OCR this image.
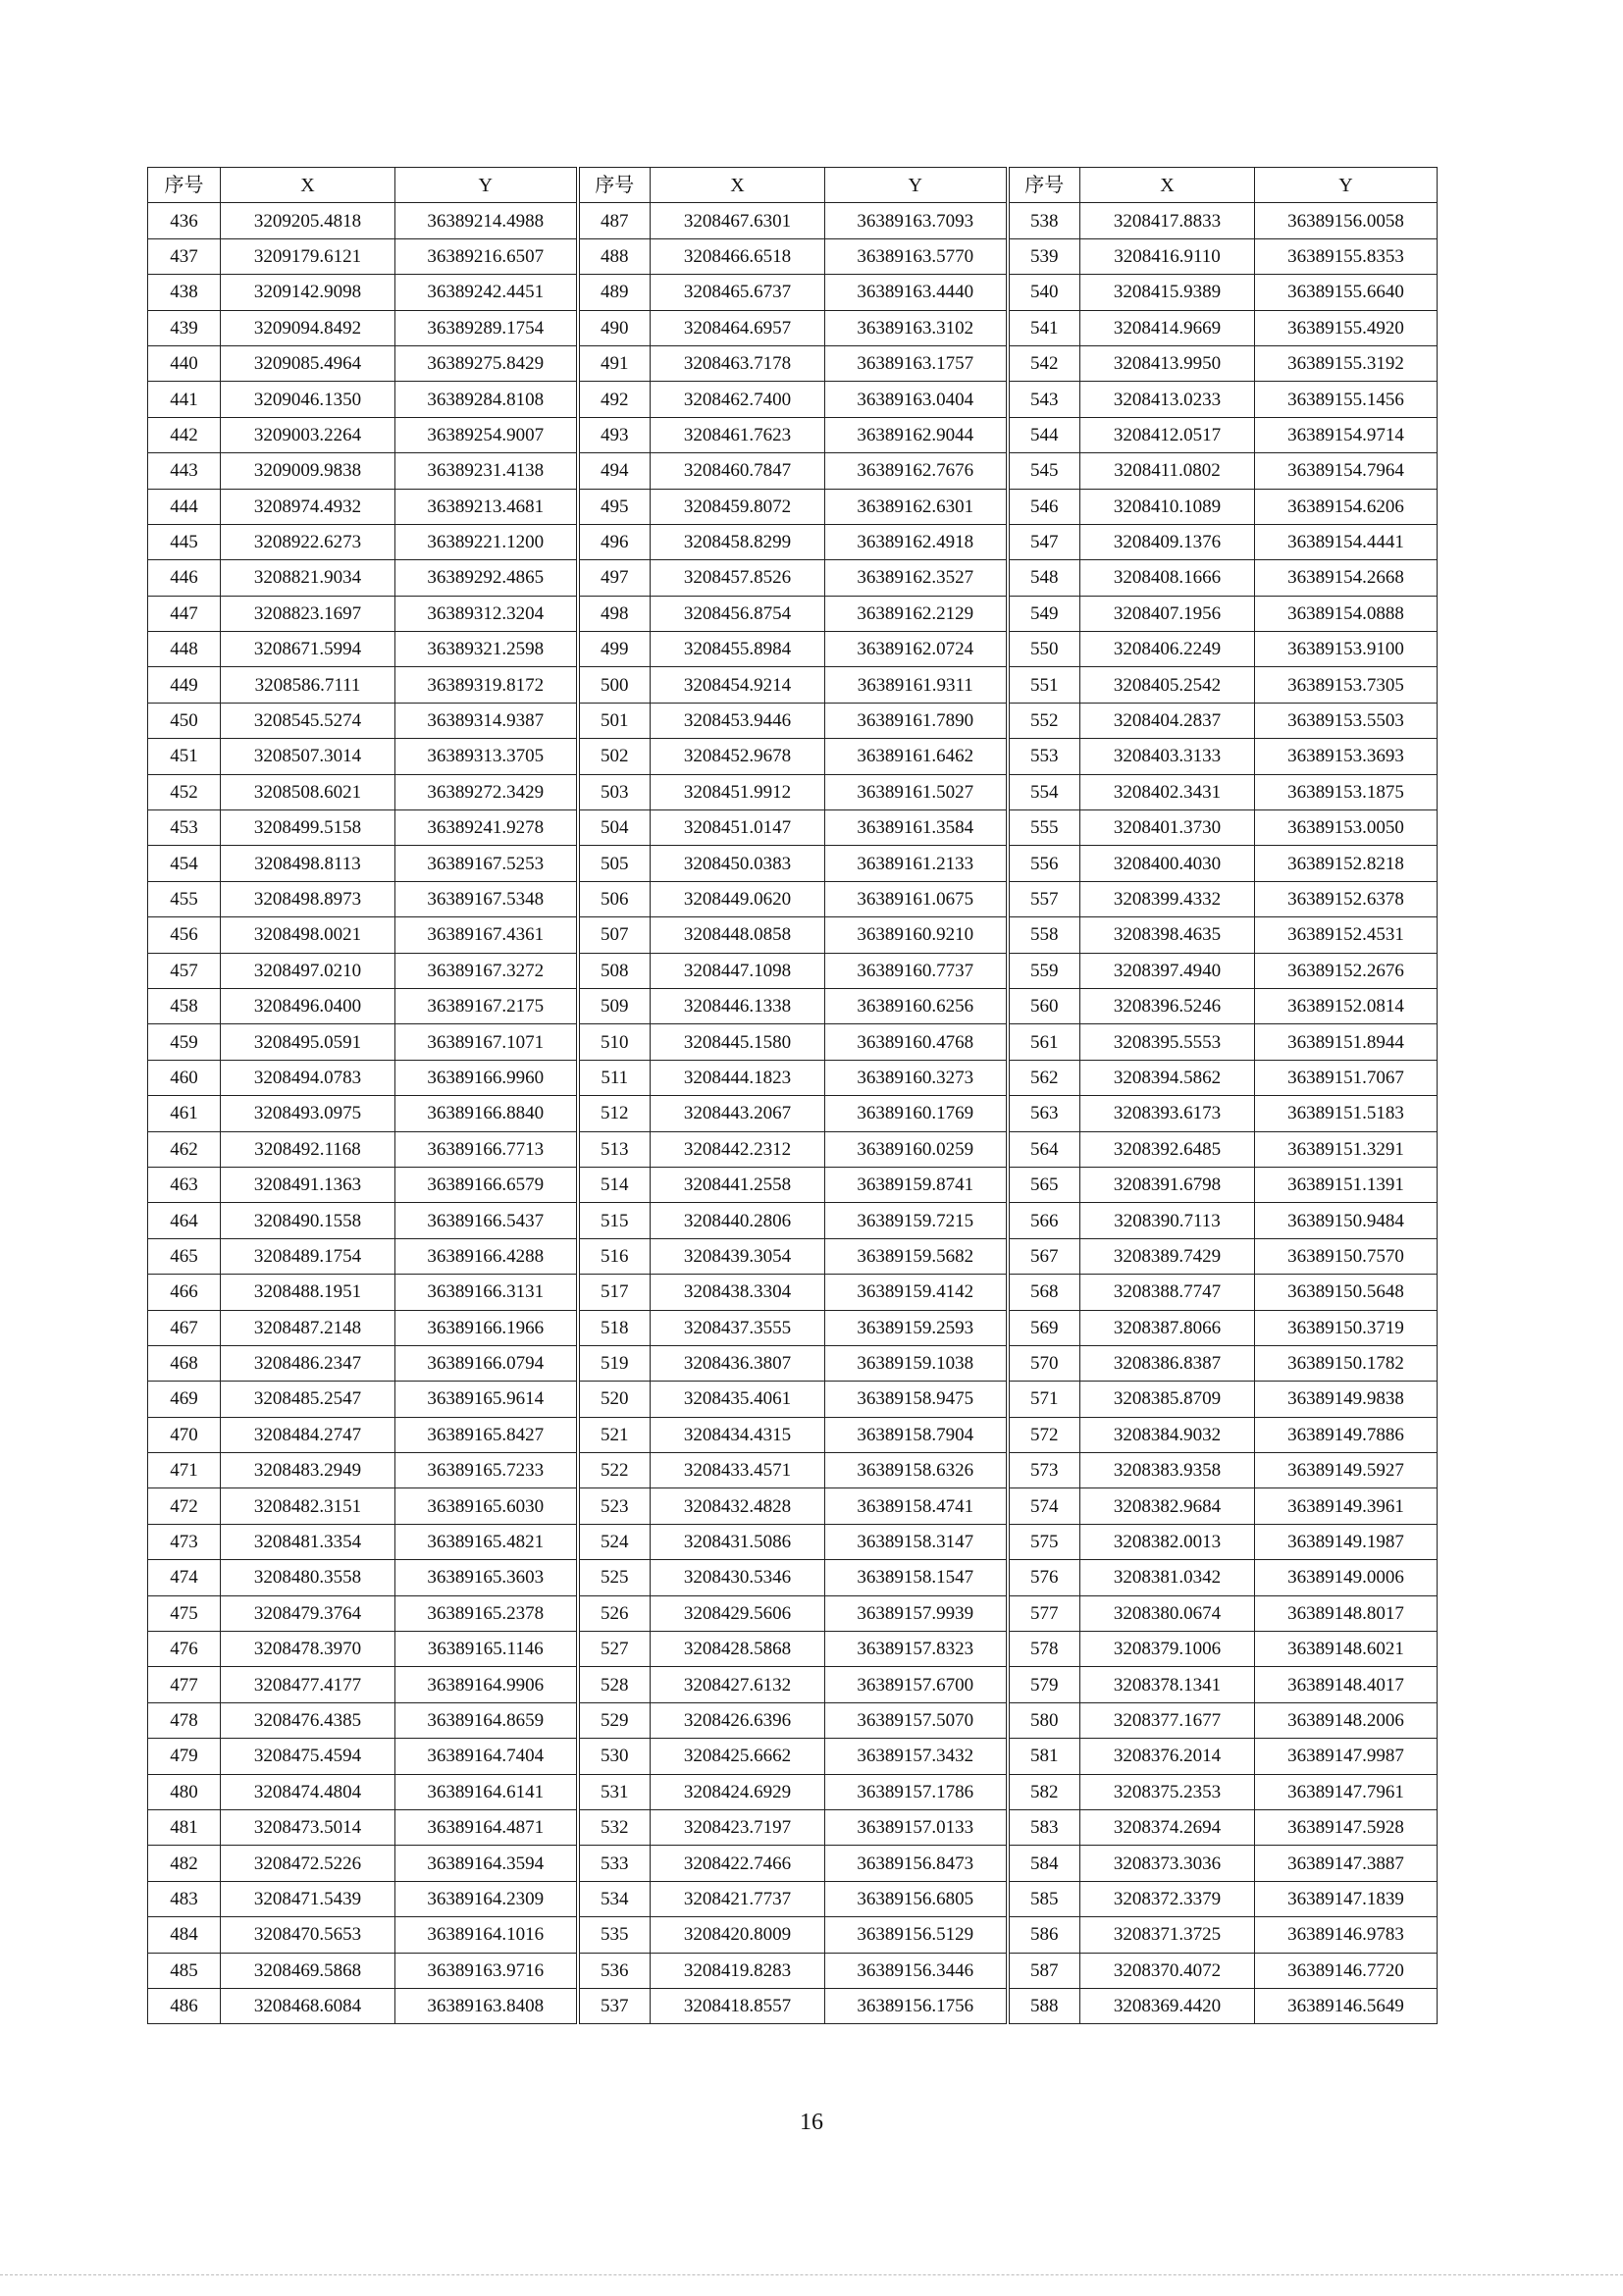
序号	X	Y	序号	X	Y	序号	X	Y
436	3209205.4818	36389214.4988	487	3208467.6301	36389163.7093	538	3208417.8833	36389156.0058
437	3209179.6121	36389216.6507	488	3208466.6518	36389163.5770	539	3208416.9110	36389155.8353
438	3209142.9098	36389242.4451	489	3208465.6737	36389163.4440	540	3208415.9389	36389155.6640
439	3209094.8492	36389289.1754	490	3208464.6957	36389163.3102	541	3208414.9669	36389155.4920
440	3209085.4964	36389275.8429	491	3208463.7178	36389163.1757	542	3208413.9950	36389155.3192
441	3209046.1350	36389284.8108	492	3208462.7400	36389163.0404	543	3208413.0233	36389155.1456
442	3209003.2264	36389254.9007	493	3208461.7623	36389162.9044	544	3208412.0517	36389154.9714
443	3209009.9838	36389231.4138	494	3208460.7847	36389162.7676	545	3208411.0802	36389154.7964
444	3208974.4932	36389213.4681	495	3208459.8072	36389162.6301	546	3208410.1089	36389154.6206
445	3208922.6273	36389221.1200	496	3208458.8299	36389162.4918	547	3208409.1376	36389154.4441
446	3208821.9034	36389292.4865	497	3208457.8526	36389162.3527	548	3208408.1666	36389154.2668
447	3208823.1697	36389312.3204	498	3208456.8754	36389162.2129	549	3208407.1956	36389154.0888
448	3208671.5994	36389321.2598	499	3208455.8984	36389162.0724	550	3208406.2249	36389153.9100
449	3208586.7111	36389319.8172	500	3208454.9214	36389161.9311	551	3208405.2542	36389153.7305
450	3208545.5274	36389314.9387	501	3208453.9446	36389161.7890	552	3208404.2837	36389153.5503
451	3208507.3014	36389313.3705	502	3208452.9678	36389161.6462	553	3208403.3133	36389153.3693
452	3208508.6021	36389272.3429	503	3208451.9912	36389161.5027	554	3208402.3431	36389153.1875
453	3208499.5158	36389241.9278	504	3208451.0147	36389161.3584	555	3208401.3730	36389153.0050
454	3208498.8113	36389167.5253	505	3208450.0383	36389161.2133	556	3208400.4030	36389152.8218
455	3208498.8973	36389167.5348	506	3208449.0620	36389161.0675	557	3208399.4332	36389152.6378
456	3208498.0021	36389167.4361	507	3208448.0858	36389160.9210	558	3208398.4635	36389152.4531
457	3208497.0210	36389167.3272	508	3208447.1098	36389160.7737	559	3208397.4940	36389152.2676
458	3208496.0400	36389167.2175	509	3208446.1338	36389160.6256	560	3208396.5246	36389152.0814
459	3208495.0591	36389167.1071	510	3208445.1580	36389160.4768	561	3208395.5553	36389151.8944
460	3208494.0783	36389166.9960	511	3208444.1823	36389160.3273	562	3208394.5862	36389151.7067
461	3208493.0975	36389166.8840	512	3208443.2067	36389160.1769	563	3208393.6173	36389151.5183
462	3208492.1168	36389166.7713	513	3208442.2312	36389160.0259	564	3208392.6485	36389151.3291
463	3208491.1363	36389166.6579	514	3208441.2558	36389159.8741	565	3208391.6798	36389151.1391
464	3208490.1558	36389166.5437	515	3208440.2806	36389159.7215	566	3208390.7113	36389150.9484
465	3208489.1754	36389166.4288	516	3208439.3054	36389159.5682	567	3208389.7429	36389150.7570
466	3208488.1951	36389166.3131	517	3208438.3304	36389159.4142	568	3208388.7747	36389150.5648
467	3208487.2148	36389166.1966	518	3208437.3555	36389159.2593	569	3208387.8066	36389150.3719
468	3208486.2347	36389166.0794	519	3208436.3807	36389159.1038	570	3208386.8387	36389150.1782
469	3208485.2547	36389165.9614	520	3208435.4061	36389158.9475	571	3208385.8709	36389149.9838
470	3208484.2747	36389165.8427	521	3208434.4315	36389158.7904	572	3208384.9032	36389149.7886
471	3208483.2949	36389165.7233	522	3208433.4571	36389158.6326	573	3208383.9358	36389149.5927
472	3208482.3151	36389165.6030	523	3208432.4828	36389158.4741	574	3208382.9684	36389149.3961
473	3208481.3354	36389165.4821	524	3208431.5086	36389158.3147	575	3208382.0013	36389149.1987
474	3208480.3558	36389165.3603	525	3208430.5346	36389158.1547	576	3208381.0342	36389149.0006
475	3208479.3764	36389165.2378	526	3208429.5606	36389157.9939	577	3208380.0674	36389148.8017
476	3208478.3970	36389165.1146	527	3208428.5868	36389157.8323	578	3208379.1006	36389148.6021
477	3208477.4177	36389164.9906	528	3208427.6132	36389157.6700	579	3208378.1341	36389148.4017
478	3208476.4385	36389164.8659	529	3208426.6396	36389157.5070	580	3208377.1677	36389148.2006
479	3208475.4594	36389164.7404	530	3208425.6662	36389157.3432	581	3208376.2014	36389147.9987
480	3208474.4804	36389164.6141	531	3208424.6929	36389157.1786	582	3208375.2353	36389147.7961
481	3208473.5014	36389164.4871	532	3208423.7197	36389157.0133	583	3208374.2694	36389147.5928
482	3208472.5226	36389164.3594	533	3208422.7466	36389156.8473	584	3208373.3036	36389147.3887
483	3208471.5439	36389164.2309	534	3208421.7737	36389156.6805	585	3208372.3379	36389147.1839
484	3208470.5653	36389164.1016	535	3208420.8009	36389156.5129	586	3208371.3725	36389146.9783
485	3208469.5868	36389163.9716	536	3208419.8283	36389156.3446	587	3208370.4072	36389146.7720
486	3208468.6084	36389163.8408	537	3208418.8557	36389156.1756	588	3208369.4420	36389146.5649
16
